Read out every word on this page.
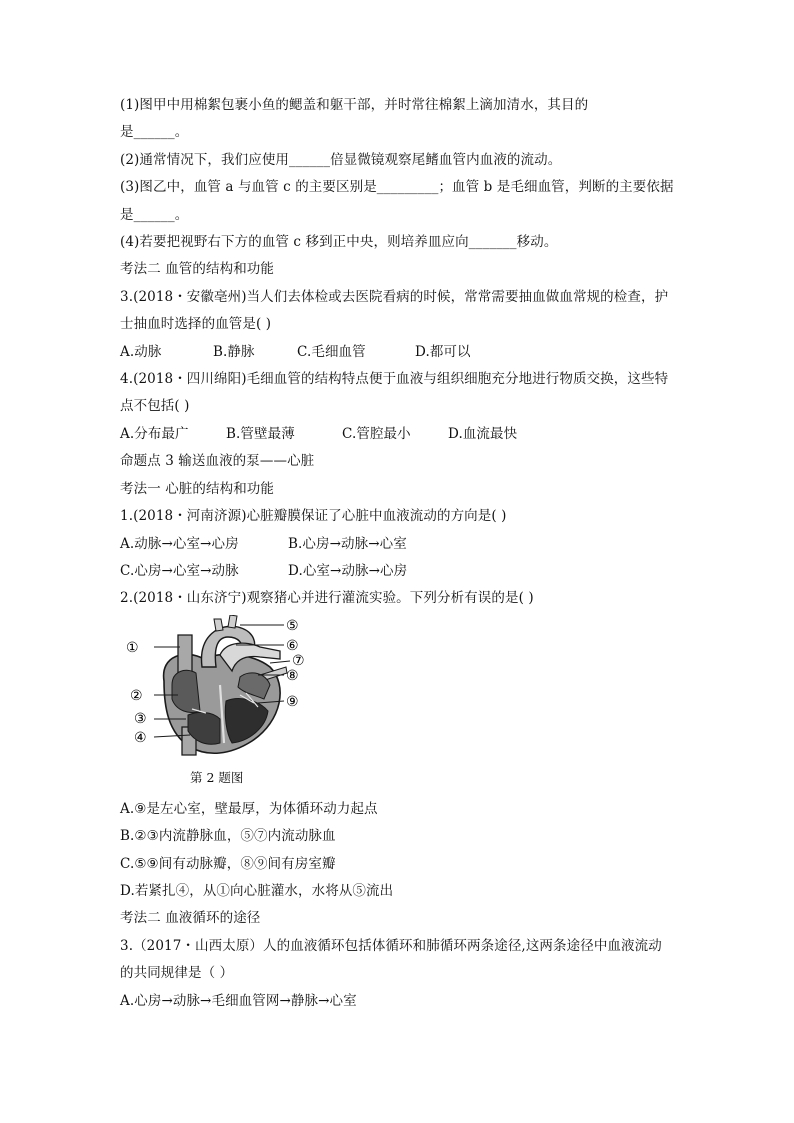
(1)图甲中用棉絮包裹小鱼的鳃盖和躯干部，并时常往棉絮上滴加清水，其目的
是______。
(2)通常情况下，我们应使用______倍显微镜观察尾鳍血管内血液的流动。
(3)图乙中，血管 a 与血管 c 的主要区别是_________；血管 b 是毛细血管，判断的主要依据
是______。
(4)若要把视野右下方的血管 c 移到正中央，则培养皿应向_______移动。
考法二 血管的结构和功能
3.(2018・安徽亳州)当人们去体检或去医院看病的时候，常常需要抽血做血常规的检查，护
士抽血时选择的血管是( )
A.动脉	B.静脉	C.毛细血管	D.都可以
4.(2018・四川绵阳)毛细血管的结构特点便于血液与组织细胞充分地进行物质交换，这些特
点不包括( )
A.分布最广	B.管壁最薄	C.管腔最小	D.血流最快
命题点 3 输送血液的泵——心脏
考法一 心脏的结构和功能
1.(2018・河南济源)心脏瓣膜保证了心脏中血液流动的方向是( )
A.动脉→心室→心房	B.心房→动脉→心室
C.心房→心室→动脉	D.心室→动脉→心房
2.(2018・山东济宁)观察猪心并进行灌流实验。下列分析有误的是( )
①
②
③
④
⑤
⑥
⑦
⑧
⑨
第 2 题图
A.⑨是左心室，壁最厚，为体循环动力起点
B.②③内流静脉血，⑤⑦内流动脉血
C.⑤⑨间有动脉瓣，⑧⑨间有房室瓣
D.若紧扎④，从①向心脏灌水，水将从⑤流出
考法二 血液循环的途径
3.（2017・山西太原）人的血液循环包括体循环和肺循环两条途径,这两条途径中血液流动
的共同规律是（ ）
A.心房→动脉→毛细血管网→静脉→心室
